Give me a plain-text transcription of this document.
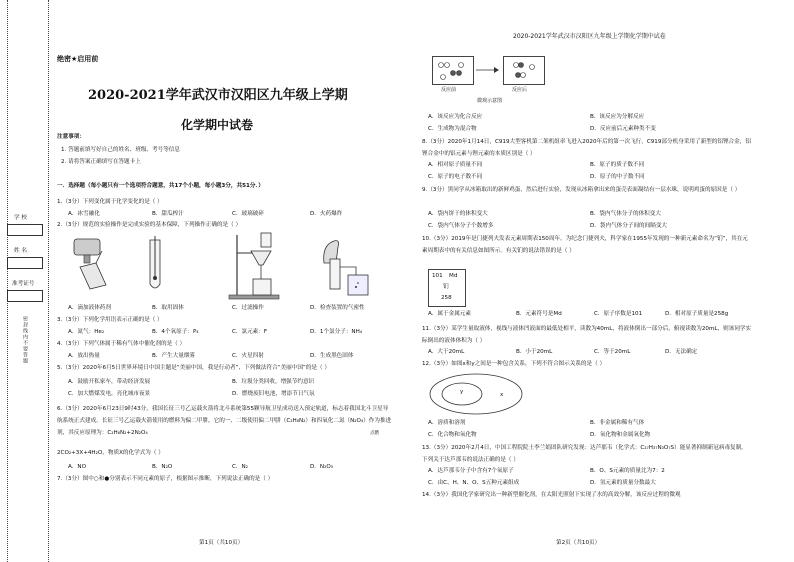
2020-2021学年武汉市汉阳区九年级上学期化学期中试卷
学 校
姓 名
准考证号
密封线内不要答题
绝密★启用前
2020-2021学年武汉市汉阳区九年级上学期
化学期中试卷
注意事项：
1. 答题前填写好自己的姓名、班级、考号等信息
2. 请将答案正确填写在答题卡上
一．选择题（每小题只有一个选项符合题意，共17个小题，每小题3分，共51分．）
1.（3分）下列变化属于化学变化的是（ ）
A．冰雪融化	B．甜瓜榨汁	C．玻璃破碎	D．火药爆炸
2.（3分）规范的实验操作是完成实验的基本保障，下列操作正确的是（ ）
A．滴加液体药剂	B．取用固体	C．过滤操作	D．检查装置的气密性
3.（3分）下列化学用语表示正确的是（ ）
A．氮气：He₂	B．4个氧原子：P₄	C．氯元素：F	D．1个氯分子：NH₄
4.（3分）下列气体属于稀有气体中催化剂的是（ ）
A．放出热量	B．产生大量烟雾	C．火星四射	D．生成黑色固体
5.（3分）2020年6月5日世界环境日中国主题是“美丽中国，我是行动者”，下列做法符合“美丽中国”的是（ ）
A．鼓励开私家车，带动经济发展	B．垃圾分类回收，增强节约意识
C．加大燃煤发电，亮化城市夜景	D．燃烧废旧电池，增添节日气氛
6.（3分）2020年6月23日9时43分，我国长征三号乙运载火箭将北斗系统第55颗导航卫星成功送入预定轨道，标志着我国北斗卫星导航系统正式建成。长征三号乙运载火箭使用的燃料为偏二甲肼，它的一、二级使用偏二甲肼（C₂H₈N₂）和四氧化二氮（N₂O₄）作为推进剂，其反应原理为：C₂H₈N₂+2N₂O₄	点燃
2CO₂+3X+4H₂O，物质X的化学式为（ ）
A．NO	B．N₂O	C．N₂	D．N₂O₃
7.（3分）图中○和●分别表示不同元素的原子，根据图示推断，下列说法正确的是（ ）
第1页（共10页）
反应前	反应后
微观示意图
A．该反应为化合反应	B．该反应为分解反应
C．生成物为混合物	D．反应前后元素种类不变
8.（3分）2020年1月14日，C919大型客机第二架机组率飞进入2020年后的第一次飞行，C919部分机身采用了新型的铝锂合金，铝锂合金中的铝元素与锂元素的本质区别是（ ）
A．相对原子质量不同	B．原子的质子数不同
C．原子的电子数不同	D．原子的中子数不同
9.（3分）黑同学从冰箱取出的新鲜鸡蛋，然后进行实验，发现从冰箱拿出来的蛋壳表面凝结有一层水珠，说明鸡蛋的原因是（ ）
A．袋内饼干的体积变大	B．袋内气体分子的体积变大
C．袋内气体分子个数增多	D．袋内气体分子间的间隔变大
10.（3分）2019年是门捷列夫发表元素周期表150周年。为纪念门捷列夫，科学家在1955年发现的一种新元素命名为“钔”，其在元素周期表中的有关信息如图所示。有关钔的说法错误的是（ ）
101 Md
钔
258
A．属于金属元素	B．元素符号是Md	C．原子序数是101	D．相对原子质量是258g
11.（3分）某学生量取液体，视线与液体凹液面的最低处相平，读数为40mL，将液体倒出一部分后，俯视读数为20mL，则该同学实际倒出的液体体积为（ ）
A．大于20mL	B．小于20mL	C．等于20mL	D．无法确定
12.（3分）如图x和y之间是一种包含关系，下列不符合图示关系的是（ ）
y	x
A．溶质和溶剂	B．非金属和稀有气体
C．化合物和氧化物	D．氧化物和金属氧化物
13.（3分）2020年2月4日，中国工程院院士李兰娟团队研究发现：达芦那韦（化学式：C₂₇H₃₇N₃O₇S）能显著抑制新冠病毒复制。下列关于达芦那韦的说法正确的是（ ）
A．达芦那韦分子中含有7个氧原子	B．O、S元素的质量比为7：2
C．由C、H、N、O、S五种元素组成	D．氢元素的质量分数最大
14.（3分）我国化学家研究出一种新型催化剂，在太阳光照射下实现了水的高效分解，该反应过程的微观
第2页（共10页）
